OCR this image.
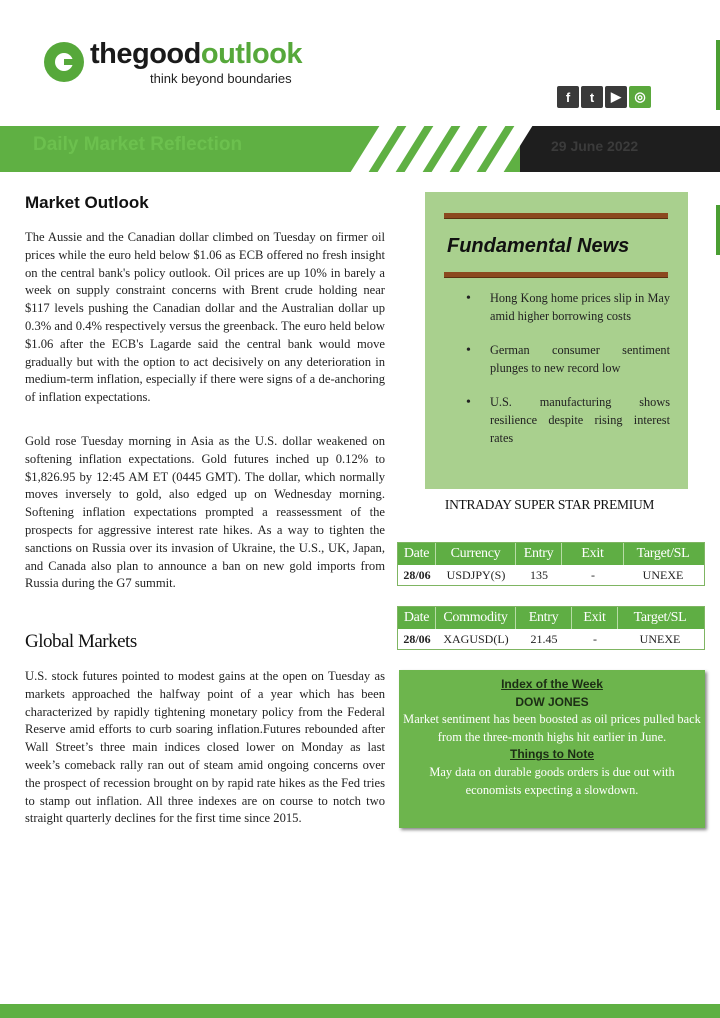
thegoodoutlook
think beyond boundaries
f	t	▶	◎
Daily Market Reflection	29 June 2022
Market Outlook
The Aussie and the Canadian dollar climbed on Tuesday on firmer oil prices while the euro held below $1.06 as ECB offered no fresh insight on the central bank's policy outlook. Oil prices are up 10% in barely a week on supply constraint concerns with Brent crude holding near $117 levels pushing the Canadian dollar and the Australian dollar up 0.3% and 0.4% respectively versus the greenback. The euro held below $1.06 after the ECB's Lagarde said the central bank would move gradually but with the option to act decisively on any deterioration in medium-term inflation, especially if there were signs of a de-anchoring of inflation expectations.
Gold rose Tuesday morning in Asia as the U.S. dollar weakened on softening inflation expectations. Gold futures inched up 0.12% to $1,826.95 by 12:45 AM ET (0445 GMT). The dollar, which normally moves inversely to gold, also edged up on Wednesday morning. Softening inflation expectations prompted a reassessment of the prospects for aggressive interest rate hikes. As a way to tighten the sanctions on Russia over its invasion of Ukraine, the U.S., UK, Japan, and Canada also plan to announce a ban on new gold imports from Russia during the G7 summit.
Global Markets
U.S. stock futures pointed to modest gains at the open on Tuesday as markets approached the halfway point of a year which has been characterized by rapidly tightening monetary policy from the Federal Reserve amid efforts to curb soaring inflation.Futures rebounded after Wall Street’s three main indices closed lower on Monday as last week’s comeback rally ran out of steam amid ongoing concerns over the prospect of recession brought on by rapid rate hikes as the Fed tries to stamp out inflation. All three indexes are on course to notch two straight quarterly declines for the first time since 2015.
Fundamental News
• Hong Kong home prices slip in May amid higher borrowing costs
• German consumer sentiment plunges to new record low
• U.S. manufacturing shows resilience despite rising interest rates
INTRADAY SUPER STAR PREMIUM
Date	Currency	Entry	Exit	Target/SL
28/06	USDJPY(S)	135	-	UNEXE
Date	Commodity	Entry	Exit	Target/SL
28/06	XAGUSD(L)	21.45	-	UNEXE
Index of the Week
DOW JONES
Market sentiment has been boosted as oil prices pulled back from the three-month highs hit earlier in June.
Things to Note
May data on durable goods orders is due out with economists expecting a slowdown.
